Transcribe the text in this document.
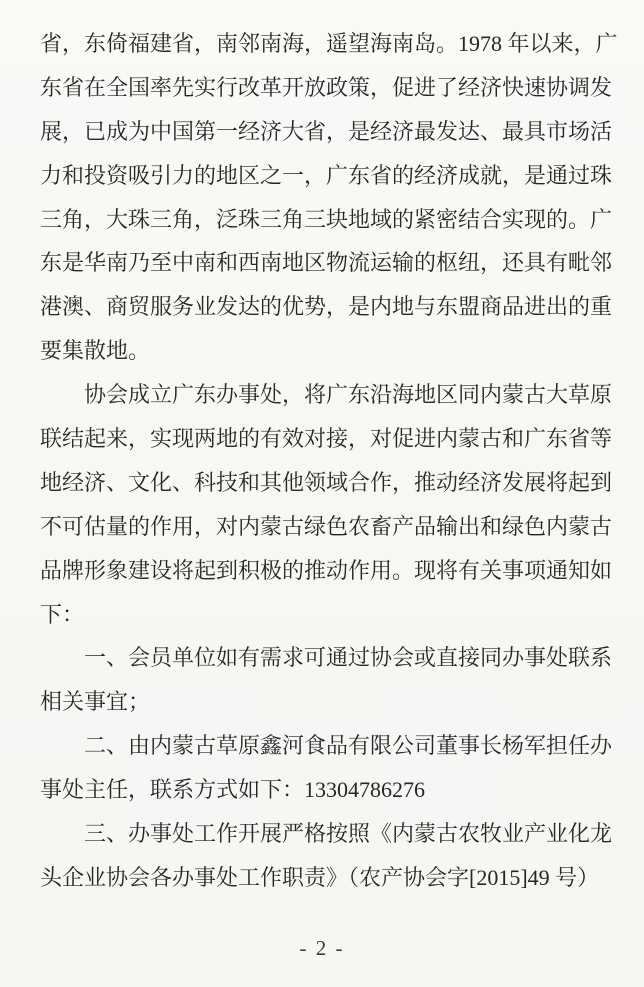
省，东倚福建省，南邻南海，遥望海南岛。1978 年以来，广
东省在全国率先实行改革开放政策，促进了经济快速协调发
展，已成为中国第一经济大省，是经济最发达、最具市场活
力和投资吸引力的地区之一，广东省的经济成就，是通过珠
三角，大珠三角，泛珠三角三块地域的紧密结合实现的。广
东是华南乃至中南和西南地区物流运输的枢纽，还具有毗邻
港澳、商贸服务业发达的优势，是内地与东盟商品进出的重
要集散地。
　　协会成立广东办事处，将广东沿海地区同内蒙古大草原
联结起来，实现两地的有效对接，对促进内蒙古和广东省等
地经济、文化、科技和其他领域合作，推动经济发展将起到
不可估量的作用，对内蒙古绿色农畜产品输出和绿色内蒙古
品牌形象建设将起到积极的推动作用。现将有关事项通知如
下：
　　一、会员单位如有需求可通过协会或直接同办事处联系
相关事宜；
　　二、由内蒙古草原鑫河食品有限公司董事长杨军担任办
事处主任，联系方式如下：13304786276
　　三、办事处工作开展严格按照《内蒙古农牧业产业化龙
头企业协会各办事处工作职责》（农产协会字[2015]49 号）
- 2 -
